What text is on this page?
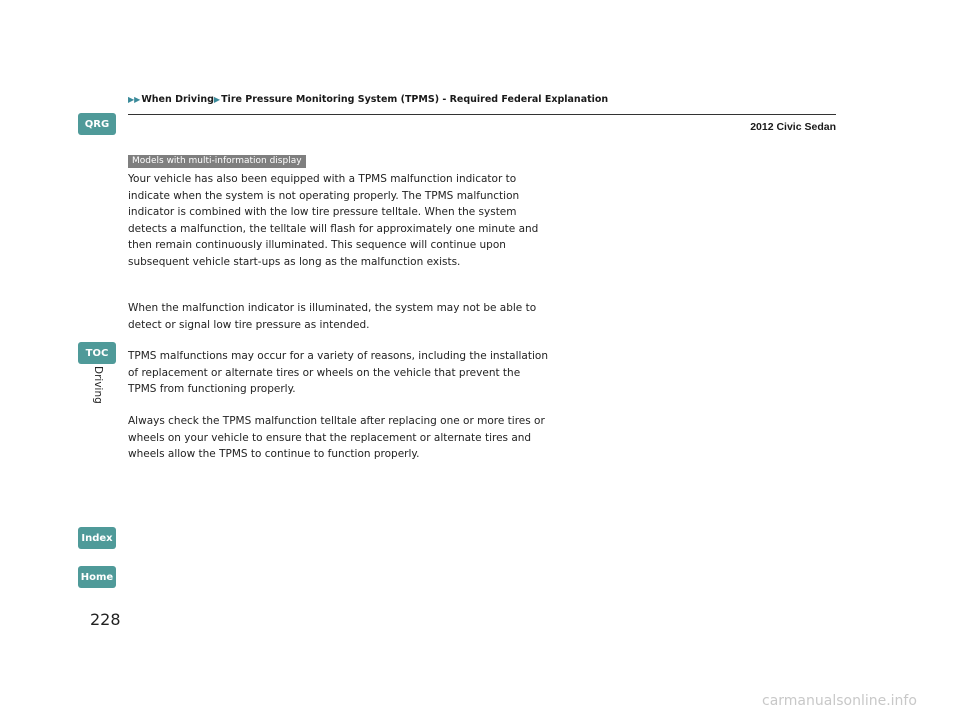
▶▶When Driving▶Tire Pressure Monitoring System (TPMS) - Required Federal Explanation
2012 Civic Sedan
QRG
TOC
Driving
Index
Home
Models with multi-information display

Your vehicle has also been equipped with a TPMS malfunction indicator to indicate when the system is not operating properly. The TPMS malfunction indicator is combined with the low tire pressure telltale. When the system detects a malfunction, the telltale will flash for approximately one minute and then remain continuously illuminated. This sequence will continue upon subsequent vehicle start-ups as long as the malfunction exists.

When the malfunction indicator is illuminated, the system may not be able to detect or signal low tire pressure as intended.

TPMS malfunctions may occur for a variety of reasons, including the installation of replacement or alternate tires or wheels on the vehicle that prevent the TPMS from functioning properly.

Always check the TPMS malfunction telltale after replacing one or more tires or wheels on your vehicle to ensure that the replacement or alternate tires and wheels allow the TPMS to continue to function properly.

228
carmanualsonline.info
